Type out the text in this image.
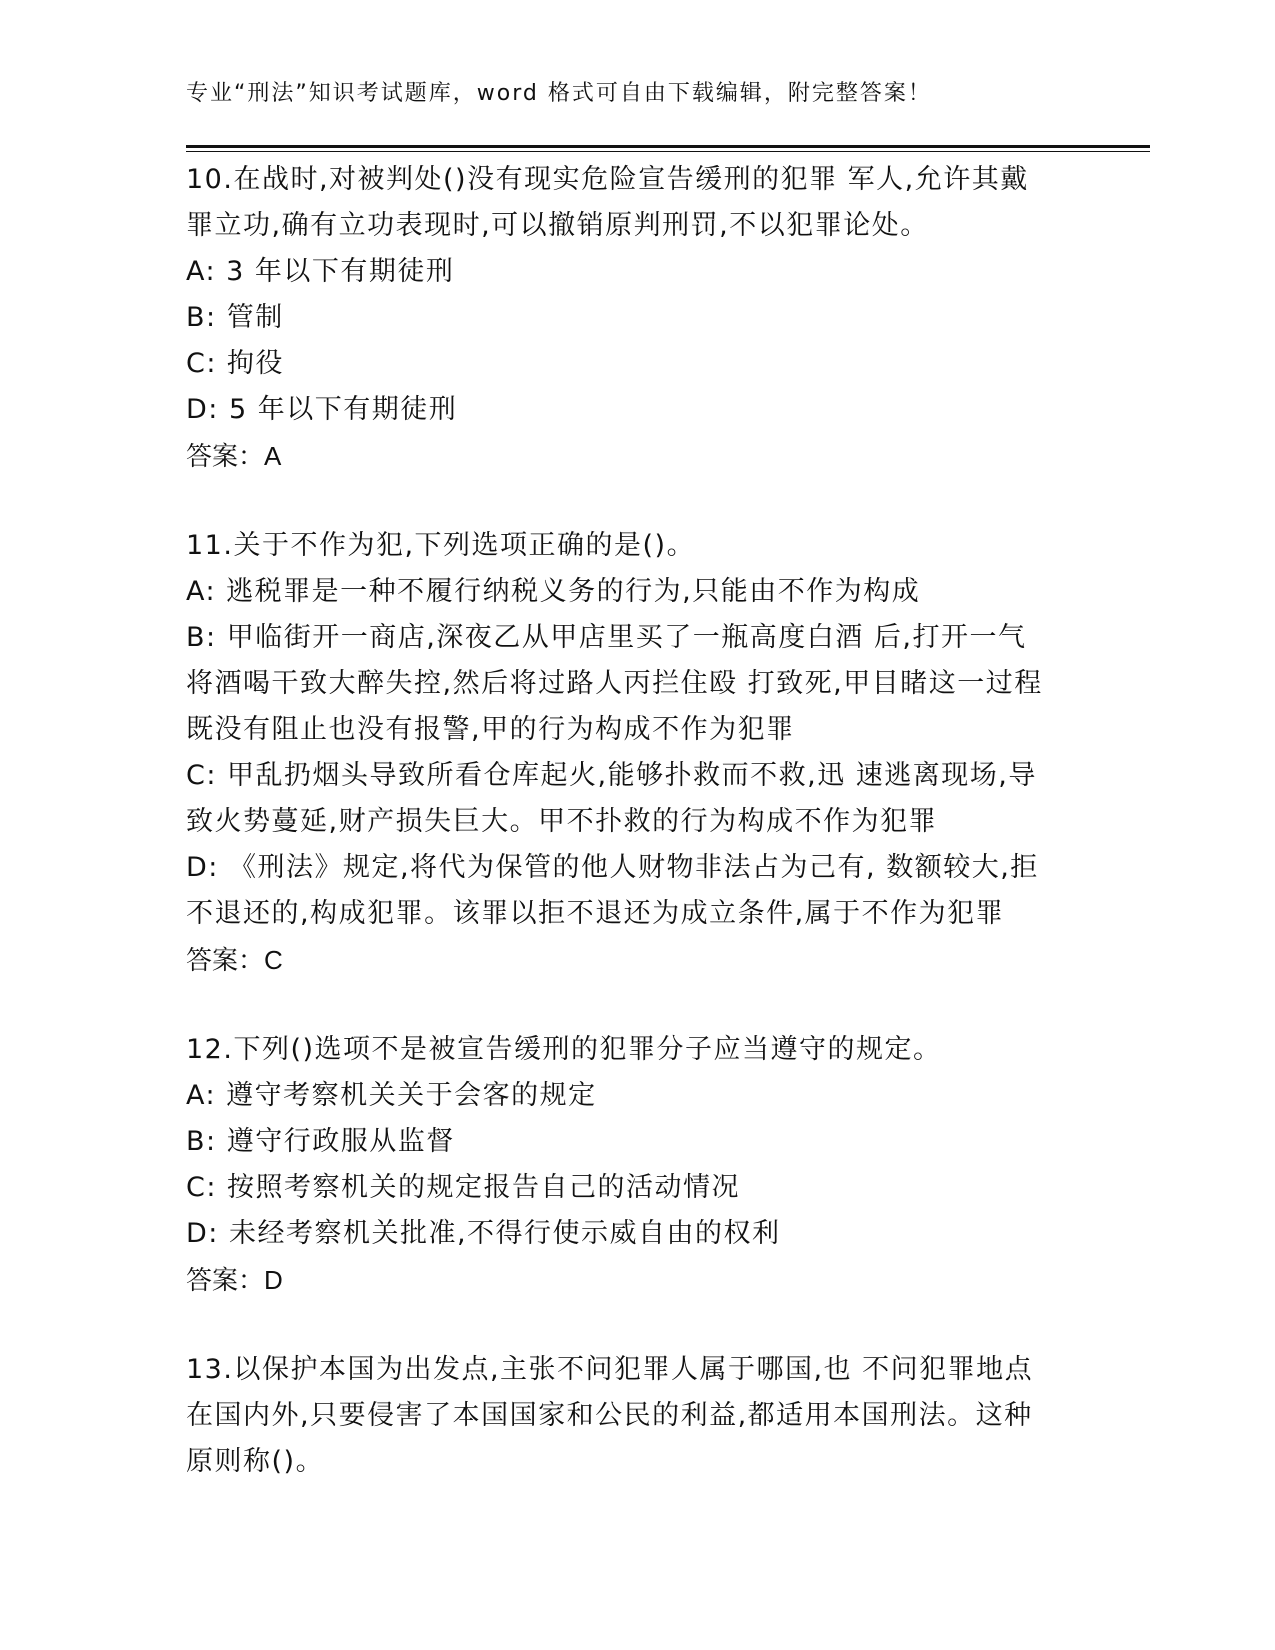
专业“刑法”知识考试题库，word 格式可自由下载编辑，附完整答案！
10.在战时,对被判处()没有现实危险宣告缓刑的犯罪 军人,允许其戴
罪立功,确有立功表现时,可以撤销原判刑罚,不以犯罪论处。
A: 3 年以下有期徒刑
B: 管制
C: 拘役
D: 5 年以下有期徒刑
答案：A
11.关于不作为犯,下列选项正确的是()。
A: 逃税罪是一种不履行纳税义务的行为,只能由不作为构成
B: 甲临街开一商店,深夜乙从甲店里买了一瓶高度白酒 后,打开一气
将酒喝干致大醉失控,然后将过路人丙拦住殴 打致死,甲目睹这一过程
既没有阻止也没有报警,甲的行为构成不作为犯罪
C: 甲乱扔烟头导致所看仓库起火,能够扑救而不救,迅 速逃离现场,导
致火势蔓延,财产损失巨大。甲不扑救的行为构成不作为犯罪
D: 《刑法》规定,将代为保管的他人财物非法占为己有, 数额较大,拒
不退还的,构成犯罪。该罪以拒不退还为成立条件,属于不作为犯罪
答案：C
12.下列()选项不是被宣告缓刑的犯罪分子应当遵守的规定。
A: 遵守考察机关关于会客的规定
B: 遵守行政服从监督
C: 按照考察机关的规定报告自己的活动情况
D: 未经考察机关批准,不得行使示威自由的权利
答案：D
13.以保护本国为出发点,主张不问犯罪人属于哪国,也 不问犯罪地点
在国内外,只要侵害了本国国家和公民的利益,都适用本国刑法。这种
原则称()。
